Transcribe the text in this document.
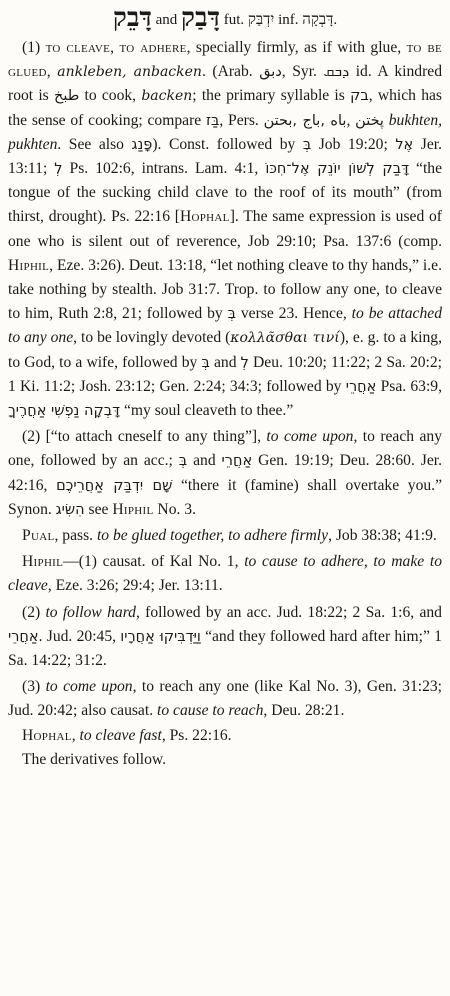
דָּבֵק and דָּבַק fut. יִדְבַּק inf. דָּבְקָה.

(1) to cleave, to adhere, specially firmly, as if with glue, to be glued, ankleben, anbacken. (Arab. دبق, Syr. ܕܒܩ id. A kindred root is طبخ to cook, backen; the primary syllable is בק, which has the sense of cooking; compare בַּז, Pers. باه ,باج ,بحتن, پختن bukhten, pukhten. See also פָּנַג). Const. followed by בְּ Job 19:20; אֶל Jer. 13:11; לְ Ps. 102:6, intrans. Lam. 4:1, דָּבַק לְשׁוֹן יוֹנֵק אֶל־חִכּוֹ “the tongue of the sucking child clave to the roof of its mouth” (from thirst, drought). Ps. 22:16 [Hophal]. The same expression is used of one who is silent out of reverence, Job 29:10; Psa. 137:6 (comp. Hiphil, Eze. 3:26). Deut. 13:18, “let nothing cleave to thy hands,” i.e. take nothing by stealth. Job 31:7. Trop. to follow any one, to cleave to him, Ruth 2:8, 21; followed by בְּ verse 23. Hence, to be attached to any one, to be lovingly devoted (κολλᾶσθαι τινί), e. g. to a king, to God, to a wife, followed by בְּ and לְ Deu. 10:20; 11:22; 2 Sa. 20:2; 1 Ki. 11:2; Josh. 23:12; Gen. 2:24; 34:3; followed by אַחֲרֵי Psa. 63:9, דָּבְקָה נַפְשִׁי אַחֲרֶיךָ “my soul cleaveth to thee.”

(2) [“to attach cneself to any thing”], to come upon, to reach any one, followed by an acc.; בְּ and אַחֲרֵי Gen. 19:19; Deu. 28:60. Jer. 42:16, שָׁם יִדְבַּק אַחֲרֵיכֶם “there it (famine) shall overtake you.” Synon. הִשִּׂיג see Hiphil No. 3.

Pual, pass. to be glued together, to adhere firmly, Job 38:38; 41:9.

Hiphil—(1) causat. of Kal No. 1, to cause to adhere, to make to cleave, Eze. 3:26; 29:4; Jer. 13:11.

(2) to follow hard, followed by an acc. Jud. 18:22; 2 Sa. 1:6, and אַחֲרֵי. Jud. 20:45, וַיַּדְבִּיקוּ אַחֲרָיו “and they followed hard after him;” 1 Sa. 14:22; 31:2.

(3) to come upon, to reach any one (like Kal No. 3), Gen. 31:23; Jud. 20:42; also causat. to cause to reach, Deu. 28:21.

Hophal, to cleave fast, Ps. 22:16.

The derivatives follow.
